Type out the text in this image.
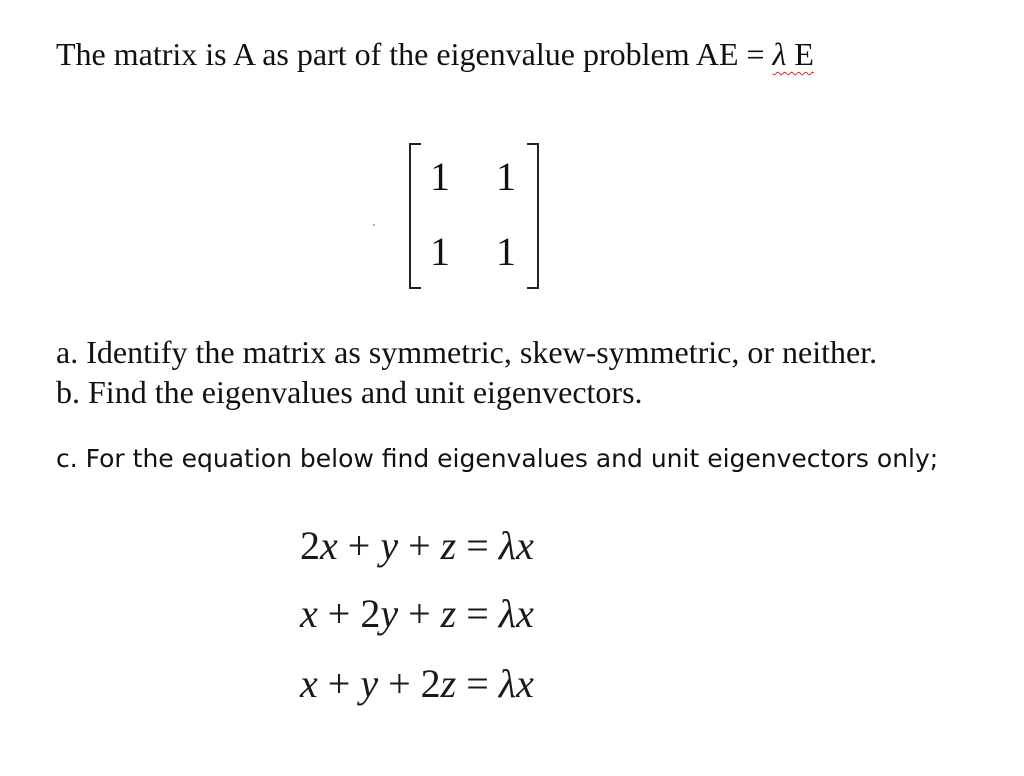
The matrix is A as part of the eigenvalue problem AE = λ E
1 1
1 1
a. Identify the matrix as symmetric, skew-symmetric, or neither.
b. Find the eigenvalues and unit eigenvectors.
c. For the equation below find eigenvalues and unit eigenvectors only;
2x + y + z = λx
x + 2y + z = λx
x + y + 2z = λx
